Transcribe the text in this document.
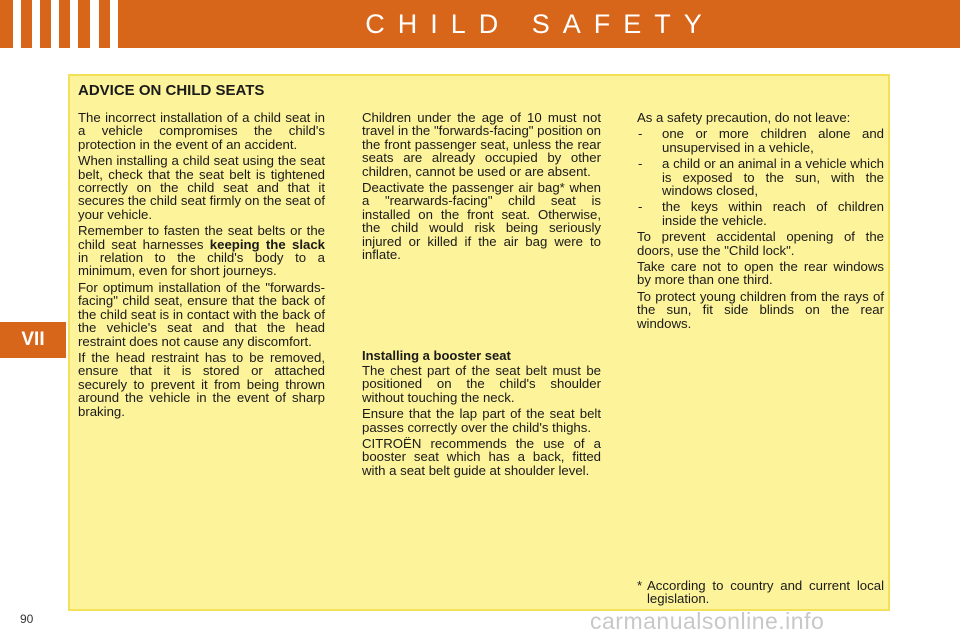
CHILD SAFETY
VII
ADVICE ON CHILD SEATS

The incorrect installation of a child seat in a vehicle compromises the child's protection in the event of an accident.

When installing a child seat using the seat belt, check that the seat belt is tightened correctly on the child seat and that it secures the child seat firmly on the seat of your vehicle.

Remember to fasten the seat belts or the child seat harnesses keeping the slack in relation to the child's body to a minimum, even for short journeys.

For optimum installation of the "forwards-facing" child seat, ensure that the back of the child seat is in contact with the back of the vehicle's seat and that the head restraint does not cause any discomfort.

If the head restraint has to be removed, ensure that it is stored or attached securely to prevent it from being thrown around the vehicle in the event of sharp braking.

Children under the age of 10 must not travel in the "forwards-facing" position on the front passenger seat, unless the rear seats are already occupied by other children, cannot be used or are absent.

Deactivate the passenger air bag* when a "rearwards-facing" child seat is installed on the front seat. Otherwise, the child would risk being seriously injured or killed if the air bag were to inflate.

Installing a booster seat

The chest part of the seat belt must be positioned on the child's shoulder without touching the neck.

Ensure that the lap part of the seat belt passes correctly over the child's thighs.

CITROËN recommends the use of a booster seat which has a back, fitted with a seat belt guide at shoulder level.

As a safety precaution, do not leave:

- one or more children alone and unsupervised in a vehicle,
- a child or an animal in a vehicle which is exposed to the sun, with the windows closed,
- the keys within reach of children inside the vehicle.

To prevent accidental opening of the doors, use the "Child lock".

Take care not to open the rear windows by more than one third.

To protect young children from the rays of the sun, fit side blinds on the rear windows.

* According to country and current local legislation.
90	carmanualsonline.info
